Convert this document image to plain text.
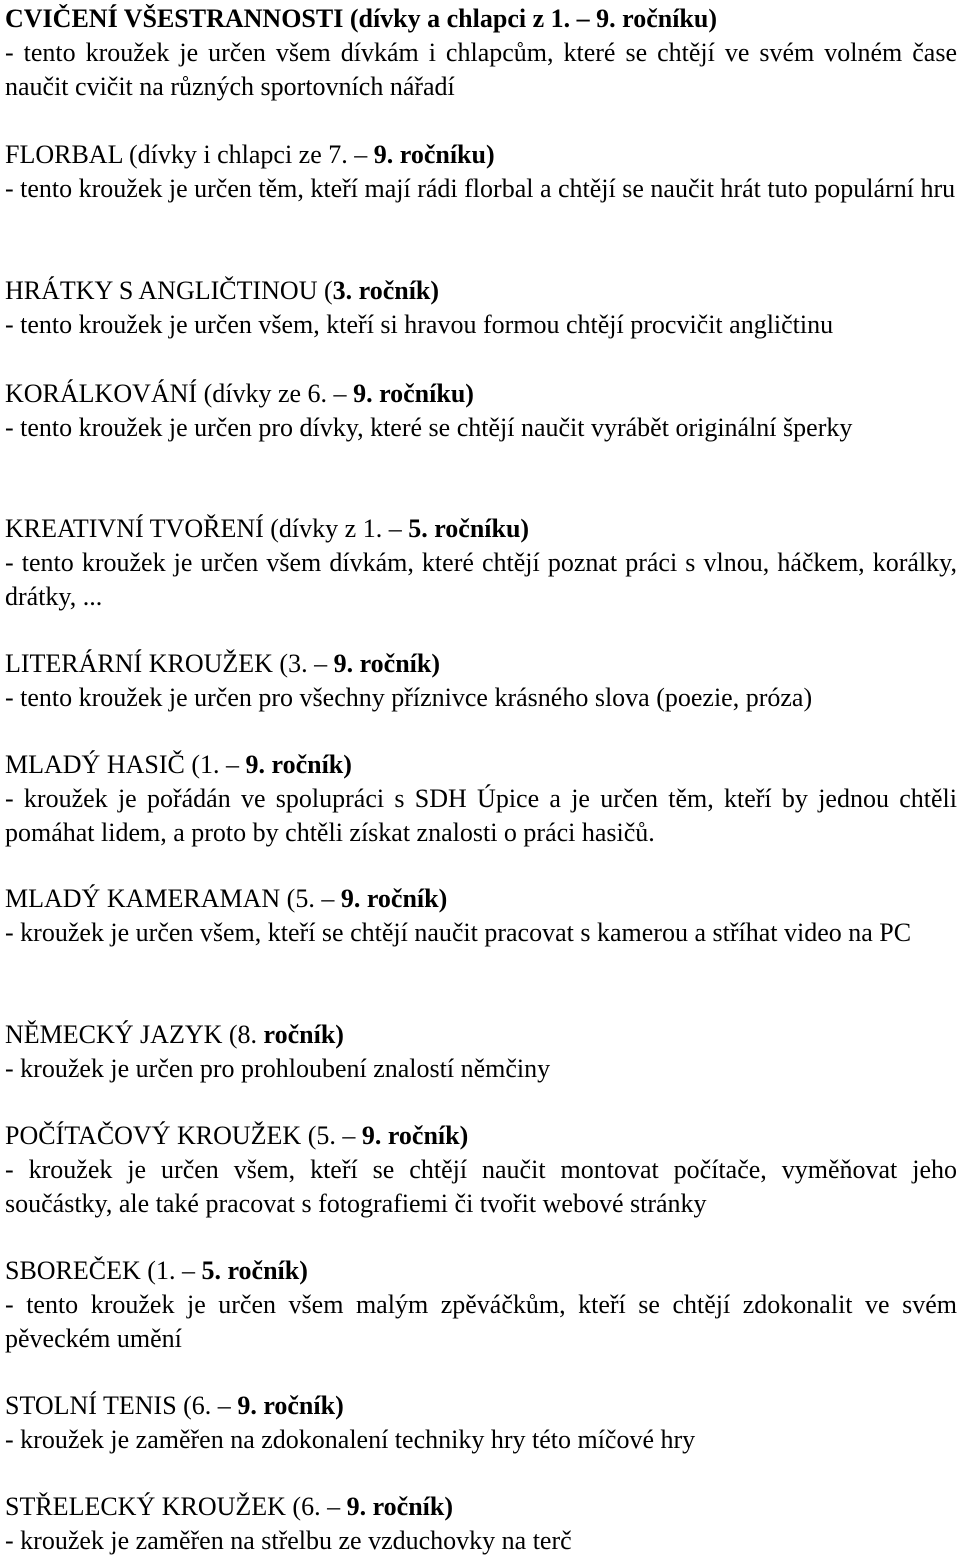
CVIČENÍ VŠESTRANNOSTI (dívky a chlapci z 1. – 9. ročníku)
- tento kroužek je určen všem dívkám i chlapcům, které se chtějí ve svém volném čase naučit cvičit na různých sportovních nářadí
FLORBAL (dívky i chlapci ze 7. – 9. ročníku)
- tento kroužek je určen těm, kteří mají rádi florbal a chtějí se naučit hrát tuto populární hru
HRÁTKY S ANGLIČTINOU (3. ročník)
- tento kroužek je určen všem, kteří si hravou formou chtějí procvičit angličtinu
KORÁLKOVÁNÍ (dívky ze 6. – 9. ročníku)
- tento kroužek je určen pro dívky, které se chtějí naučit vyrábět originální šperky
KREATIVNÍ TVOŘENÍ (dívky z 1. – 5. ročníku)
- tento kroužek je určen všem dívkám, které chtějí poznat práci s vlnou, háčkem, korálky, drátky, ...
LITERÁRNÍ KROUŽEK (3. – 9. ročník)
- tento kroužek je určen pro všechny příznivce krásného slova (poezie, próza)
MLADÝ HASIČ (1. – 9. ročník)
- kroužek je pořádán ve spolupráci s SDH Úpice a je určen těm, kteří by jednou chtěli pomáhat lidem, a proto by chtěli získat znalosti o práci hasičů.
MLADÝ KAMERAMAN (5. – 9. ročník)
- kroužek je určen všem, kteří se chtějí naučit pracovat s kamerou a stříhat video na PC
NĚMECKÝ JAZYK (8. ročník)
- kroužek je určen pro prohloubení znalostí němčiny
POČÍTAČOVÝ KROUŽEK (5. – 9. ročník)
- kroužek je určen všem, kteří se chtějí naučit montovat počítače, vyměňovat jeho součástky, ale také pracovat s fotografiemi či tvořit webové stránky
SBOREČEK (1. – 5. ročník)
- tento kroužek je určen všem malým zpěváčkům, kteří se chtějí zdokonalit ve svém pěveckém umění
STOLNÍ TENIS (6. – 9. ročník)
- kroužek je zaměřen na zdokonalení techniky hry této míčové hry
STŘELECKÝ KROUŽEK (6. – 9. ročník)
- kroužek je zaměřen na střelbu ze vzduchovky na terč
